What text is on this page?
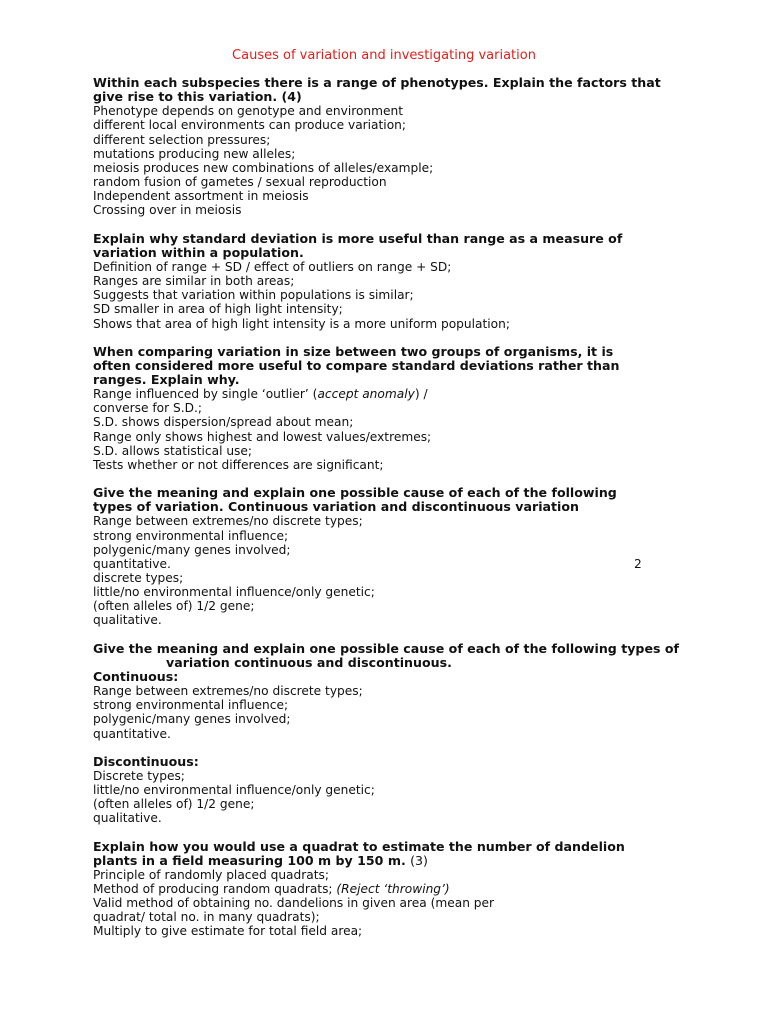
Causes of variation and investigating variation
Within each subspecies there is a range of phenotypes. Explain the factors that
give rise to this variation. (4)
Phenotype depends on genotype and environment
different local environments can produce variation;
different selection pressures;
mutations producing new alleles;
meiosis produces new combinations of alleles/example;
random fusion of gametes / sexual reproduction
Independent assortment in meiosis
Crossing over in meiosis
Explain why standard deviation is more useful than range as a measure of
variation within a population.
Definition of range + SD / effect of outliers on range + SD;
Ranges are similar in both areas;
Suggests that variation within populations is similar;
SD smaller in area of high light intensity;
Shows that area of high light intensity is a more uniform population;
When comparing variation in size between two groups of organisms, it is
often considered more useful to compare standard deviations rather than
ranges. Explain why.
Range influenced by single ‘outlier’ (accept anomaly) /
converse for S.D.;
S.D. shows dispersion/spread about mean;
Range only shows highest and lowest values/extremes;
S.D. allows statistical use;
Tests whether or not differences are significant;
Give the meaning and explain one possible cause of each of the following
types of variation. Continuous variation and discontinuous variation
Range between extremes/no discrete types;
strong environmental influence;
polygenic/many genes involved;
quantitative.	2
discrete types;
little/no environmental influence/only genetic;
(often alleles of) 1/2 gene;
qualitative.
Give the meaning and explain one possible cause of each of the following types of
variation continuous and discontinuous.
Continuous:
Range between extremes/no discrete types;
strong environmental influence;
polygenic/many genes involved;
quantitative.
Discontinuous:
Discrete types;
little/no environmental influence/only genetic;
(often alleles of) 1/2 gene;
qualitative.
Explain how you would use a quadrat to estimate the number of dandelion
plants in a field measuring 100 m by 150 m. (3)
Principle of randomly placed quadrats;
Method of producing random quadrats; (Reject ‘throwing’)
Valid method of obtaining no. dandelions in given area (mean per
quadrat/ total no. in many quadrats);
Multiply to give estimate for total field area;
